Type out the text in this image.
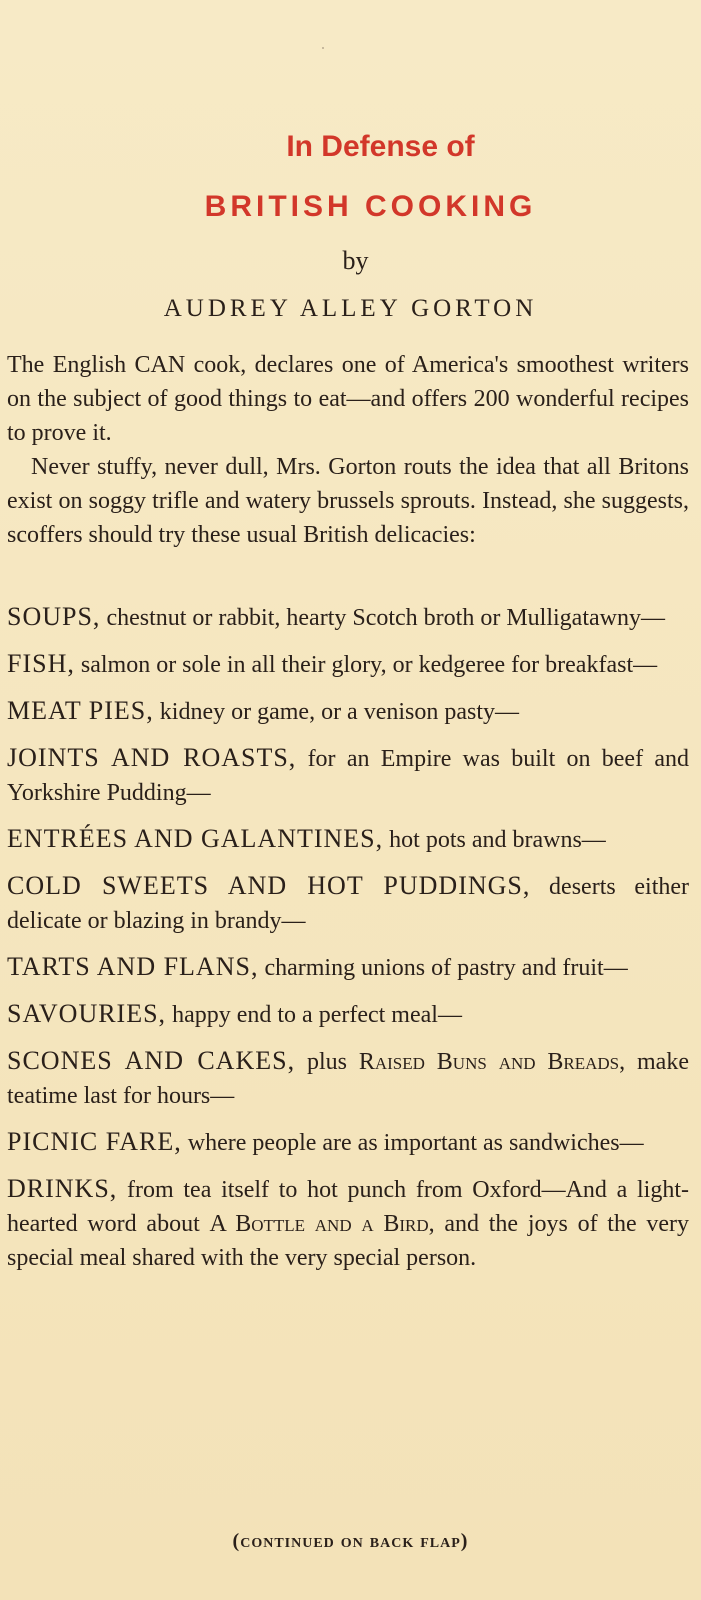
In Defense of
BRITISH COOKING
by
AUDREY ALLEY GORTON

The English CAN cook, declares one of America's smoothest writers on the subject of good things to eat—and offers 200 wonderful recipes to prove it.

Never stuffy, never dull, Mrs. Gorton routs the idea that all Britons exist on soggy trifle and watery brussels sprouts. Instead, she suggests, scoffers should try these usual British delicacies:

SOUPS, chestnut or rabbit, hearty Scotch broth or Mulligatawny—

FISH, salmon or sole in all their glory, or kedgeree for breakfast—

MEAT PIES, kidney or game, or a venison pasty—

JOINTS AND ROASTS, for an Empire was built on beef and Yorkshire Pudding—

ENTRÉES AND GALANTINES, hot pots and brawns—

COLD SWEETS AND HOT PUDDINGS, deserts either delicate or blazing in brandy—

TARTS AND FLANS, charming unions of pastry and fruit—

SAVOURIES, happy end to a perfect meal—

SCONES AND CAKES, plus Raised Buns and Breads, make teatime last for hours—

PICNIC FARE, where people are as important as sandwiches—

DRINKS, from tea itself to hot punch from Oxford—And a light-hearted word about A Bottle and a Bird, and the joys of the very special meal shared with the very special person.

(continued on back flap)
